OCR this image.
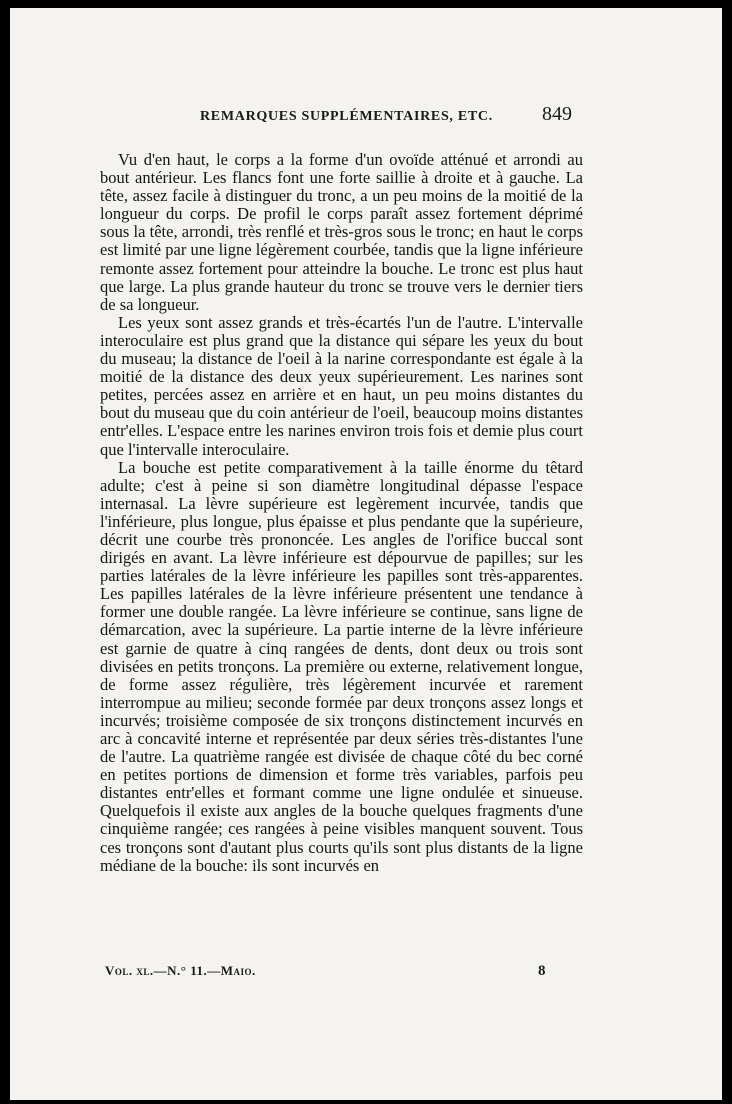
REMARQUES SUPPLÉMENTAIRES, ETC. 849

Vu d'en haut, le corps a la forme d'un ovoïde atténué et arrondi au bout antérieur. Les flancs font une forte saillie à droite et à gauche. La tête, assez facile à distinguer du tronc, a un peu moins de la moitié de la longueur du corps. De profil le corps paraît assez fortement déprimé sous la tête, arrondi, très renflé et très-gros sous le tronc; en haut le corps est limité par une ligne légèrement courbée, tandis que la ligne inférieure remonte assez fortement pour atteindre la bouche. Le tronc est plus haut que large. La plus grande hauteur du tronc se trouve vers le dernier tiers de sa longueur.

Les yeux sont assez grands et très-écartés l'un de l'autre. L'intervalle interoculaire est plus grand que la distance qui sépare les yeux du bout du museau; la distance de l'oeil à la narine correspondante est égale à la moitié de la distance des deux yeux supérieurement. Les narines sont petites, percées assez en arrière et en haut, un peu moins distantes du bout du museau que du coin antérieur de l'oeil, beaucoup moins distantes entr'elles. L'espace entre les narines environ trois fois et demie plus court que l'intervalle interoculaire.

La bouche est petite comparativement à la taille énorme du têtard adulte; c'est à peine si son diamètre longitudinal dépasse l'espace internasal. La lèvre supérieure est legèrement incurvée, tandis que l'inférieure, plus longue, plus épaisse et plus pendante que la supérieure, décrit une courbe très prononcée. Les angles de l'orifice buccal sont dirigés en avant. La lèvre inférieure est dépourvue de papilles; sur les parties latérales de la lèvre inférieure les papilles sont très-apparentes. Les papilles latérales de la lèvre inférieure présentent une tendance à former une double rangée. La lèvre inférieure se continue, sans ligne de démarcation, avec la supérieure. La partie interne de la lèvre inférieure est garnie de quatre à cinq rangées de dents, dont deux ou trois sont divisées en petits tronçons. La première ou externe, relativement longue, de forme assez régulière, très légèrement incurvée et rarement interrompue au milieu; seconde formée par deux tronçons assez longs et incurvés; troisième composée de six tronçons distinctement incurvés en arc à concavité interne et représentée par deux séries très-distantes l'une de l'autre. La quatrième rangée est divisée de chaque côté du bec corné en petites portions de dimension et forme très variables, parfois peu distantes entr'elles et formant comme une ligne ondulée et sinueuse. Quelquefois il existe aux angles de la bouche quelques fragments d'une cinquième rangée; ces rangées à peine visibles manquent souvent. Tous ces tronçons sont d'autant plus courts qu'ils sont plus distants de la ligne médiane de la bouche: ils sont incurvés en

Vol. xl.—N.° 11.—Maio.	8
